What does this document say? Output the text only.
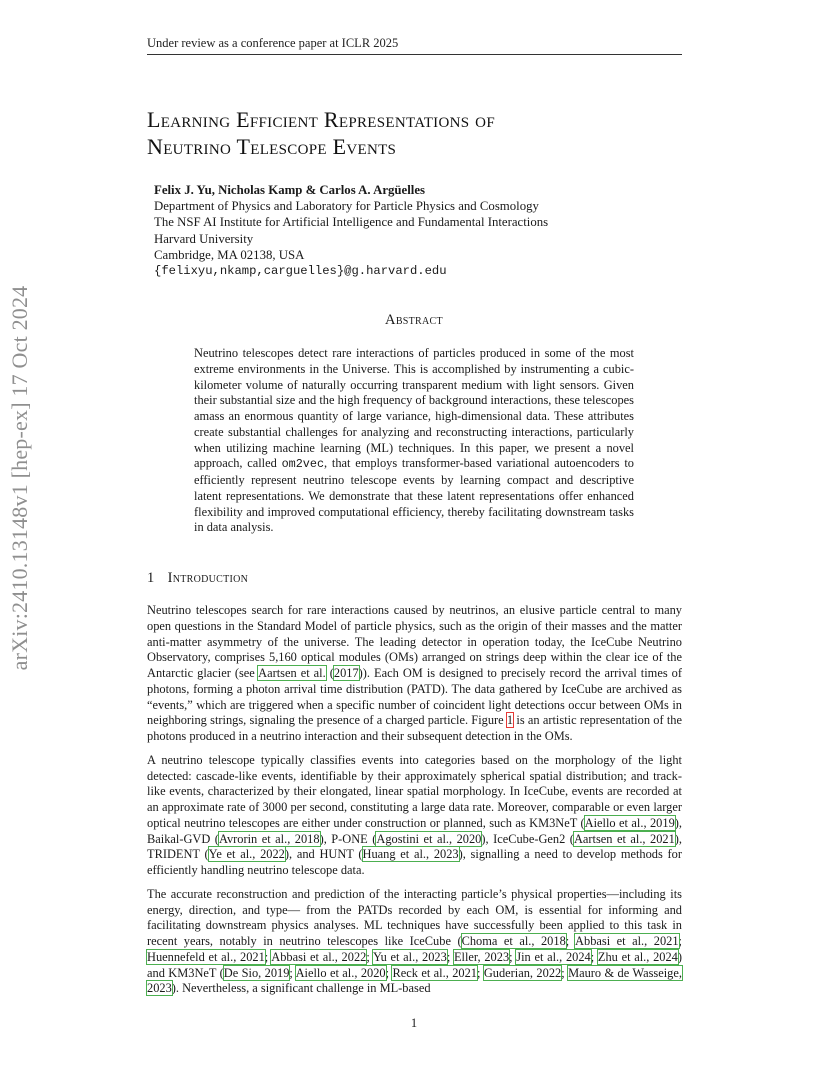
Under review as a conference paper at ICLR 2025
arXiv:2410.13148v1 [hep-ex] 17 Oct 2024
Learning Efficient Representations of
Neutrino Telescope Events
Felix J. Yu, Nicholas Kamp & Carlos A. Argüelles
Department of Physics and Laboratory for Particle Physics and Cosmology
The NSF AI Institute for Artificial Intelligence and Fundamental Interactions
Harvard University
Cambridge, MA 02138, USA
{felixyu,nkamp,carguelles}@g.harvard.edu
Abstract
Neutrino telescopes detect rare interactions of particles produced in some of the most extreme environments in the Universe. This is accomplished by instrumenting a cubic-kilometer volume of naturally occurring transparent medium with light sensors. Given their substantial size and the high frequency of background interactions, these telescopes amass an enormous quantity of large variance, high-dimensional data. These attributes create substantial challenges for analyzing and reconstructing interactions, particularly when utilizing machine learning (ML) techniques. In this paper, we present a novel approach, called om2vec, that employs transformer-based variational autoencoders to efficiently represent neutrino telescope events by learning compact and descriptive latent representations. We demonstrate that these latent representations offer enhanced flexibility and improved computational efficiency, thereby facilitating downstream tasks in data analysis.
1 Introduction

Neutrino telescopes search for rare interactions caused by neutrinos, an elusive particle central to many open questions in the Standard Model of particle physics, such as the origin of their masses and the matter anti-matter asymmetry of the universe. The leading detector in operation today, the IceCube Neutrino Observatory, comprises 5,160 optical modules (OMs) arranged on strings deep within the clear ice of the Antarctic glacier (see Aartsen et al. (2017)). Each OM is designed to precisely record the arrival times of photons, forming a photon arrival time distribution (PATD). The data gathered by IceCube are archived as “events,” which are triggered when a specific number of coincident light detections occur between OMs in neighboring strings, signaling the presence of a charged particle. Figure 1 is an artistic representation of the photons produced in a neutrino interaction and their subsequent detection in the OMs.

A neutrino telescope typically classifies events into categories based on the morphology of the light detected: cascade-like events, identifiable by their approximately spherical spatial distribution; and track-like events, characterized by their elongated, linear spatial morphology. In IceCube, events are recorded at an approximate rate of 3000 per second, constituting a large data rate. Moreover, comparable or even larger optical neutrino telescopes are either under construction or planned, such as KM3NeT (Aiello et al., 2019), Baikal-GVD (Avrorin et al., 2018), P-ONE (Agostini et al., 2020), IceCube-Gen2 (Aartsen et al., 2021), TRIDENT (Ye et al., 2022), and HUNT (Huang et al., 2023), signalling a need to develop methods for efficiently handling neutrino telescope data.

The accurate reconstruction and prediction of the interacting particle’s physical properties—including its energy, direction, and type— from the PATDs recorded by each OM, is essential for informing and facilitating downstream physics analyses. ML techniques have successfully been applied to this task in recent years, notably in neutrino telescopes like IceCube (Choma et al., 2018; Abbasi et al., 2021; Huennefeld et al., 2021; Abbasi et al., 2022; Yu et al., 2023; Eller, 2023; Jin et al., 2024; Zhu et al., 2024) and KM3NeT (De Sio, 2019; Aiello et al., 2020; Reck et al., 2021; Guderian, 2022; Mauro & de Wasseige, 2023). Nevertheless, a significant challenge in ML-based

1
